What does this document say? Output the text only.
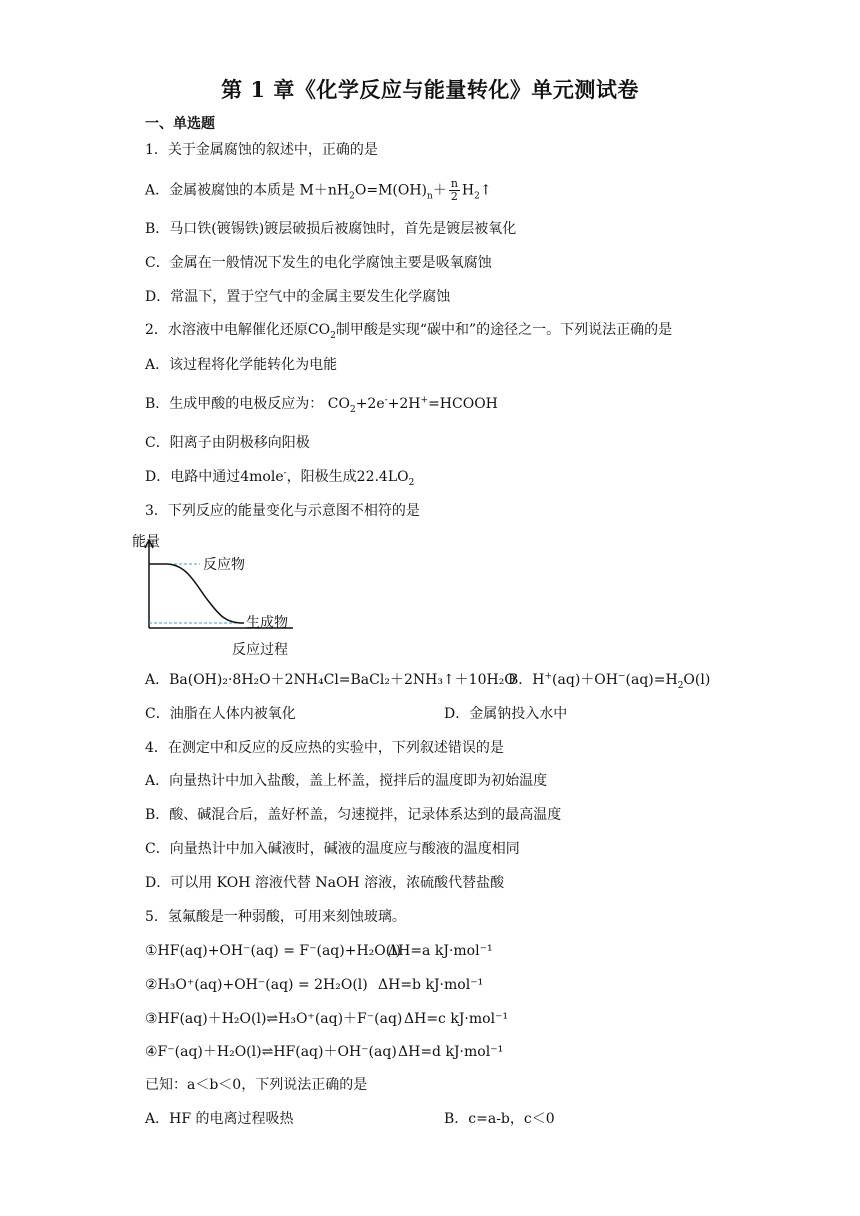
第 1 章《化学反应与能量转化》单元测试卷
一、单选题
1．关于金属腐蚀的叙述中，正确的是
A．金属被腐蚀的本质是 $M+nH_2O=M(OH)_n+ \frac{n}{2}$ $H_2↑$
B．马口铁(镀锡铁)镀层破损后被腐蚀时，首先是镀层被氧化
C．金属在一般情况下发生的电化学腐蚀主要是吸氧腐蚀
D．常温下，置于空气中的金属主要发生化学腐蚀
2．水溶液中电解催化还原$CO_2$制甲酸是实现“碳中和”的途径之一。下列说法正确的是
A．该过程将化学能转化为电能
B．生成甲酸的电极反应为： $CO_2+2e^-+2H^+=HCOOH$
C．阳离子由阴极移向阳极
D．电路中通过4mole-，阳极生成$22.4LO_2$
3．下列反应的能量变化与示意图不相符的是
能量
反应物
生成物
反应过程
A．Ba(OH)₂·8H₂O＋2NH₄Cl=BaCl₂＋2NH₃↑＋10H₂O
B．$H^+(aq)+OH^-(aq)=H_2O(l)$
C．油脂在人体内被氧化	D．金属钠投入水中
4．在测定中和反应的反应热的实验中，下列叙述错误的是
A．向量热计中加入盐酸，盖上杯盖，搅拌后的温度即为初始温度
B．酸、碱混合后，盖好杯盖，匀速搅拌，记录体系达到的最高温度
C．向量热计中加入碱液时，碱液的温度应与酸液的温度相同
D．可以用 KOH 溶液代替 NaOH 溶液，浓硫酸代替盐酸
5．氢氟酸是一种弱酸，可用来刻蚀玻璃。
①HF(aq)+OH⁻(aq) = F⁻(aq)+H₂O(l)
ΔH=a kJ·mol⁻¹
②H₃O⁺(aq)+OH⁻(aq) = 2H₂O(l) ΔH=b kJ·mol⁻¹
③HF(aq)＋H₂O(l)⇌H₃O⁺(aq)＋F⁻(aq) ΔH=c kJ·mol⁻¹
④F⁻(aq)＋H₂O(l)⇌HF(aq)＋OH⁻(aq) ΔH=d kJ·mol⁻¹
已知：a＜b＜0，下列说法正确的是
A．HF 的电离过程吸热	B．c=a-b，c＜0
